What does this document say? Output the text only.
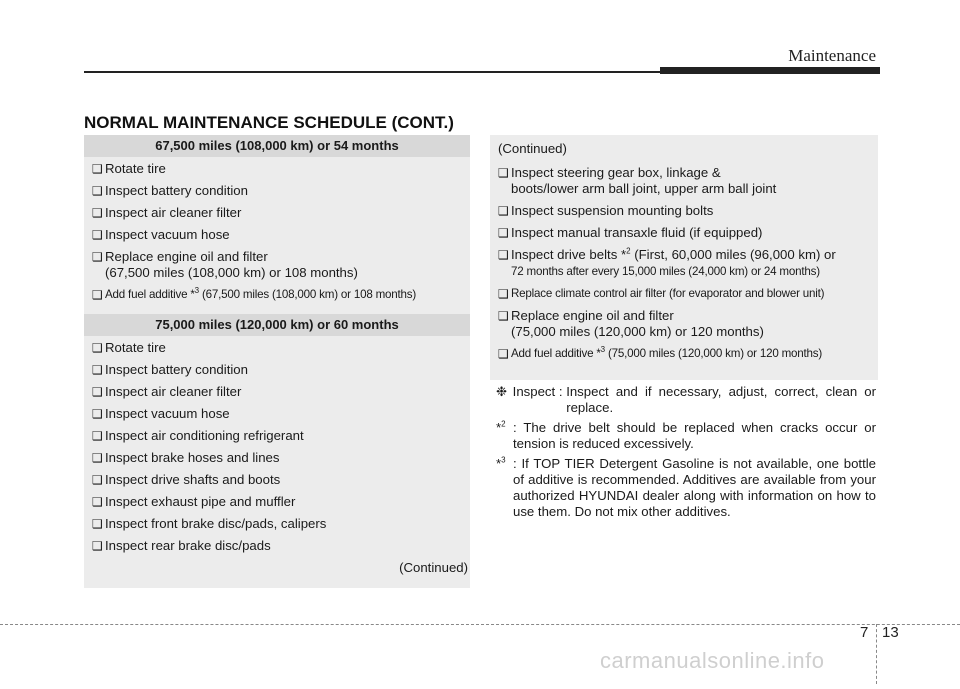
Maintenance
NORMAL MAINTENANCE SCHEDULE (CONT.)
67,500 miles (108,000 km) or 54 months
❑ Rotate tire
❑ Inspect battery condition
❑ Inspect air cleaner filter
❑ Inspect vacuum hose
❑ Replace engine oil and filter
(67,500 miles (108,000 km) or 108 months)
❑ Add fuel additive *$^3$ (67,500 miles (108,000 km) or 108 months)
75,000 miles (120,000 km) or 60 months
❑ Rotate tire
❑ Inspect battery condition
❑ Inspect air cleaner filter
❑ Inspect vacuum hose
❑ Inspect air conditioning refrigerant
❑ Inspect brake hoses and lines
❑ Inspect drive shafts and boots
❑ Inspect exhaust pipe and muffler
❑ Inspect front brake disc/pads, calipers
❑ Inspect rear brake disc/pads
(Continued)
(Continued)
❑ Inspect steering gear box, linkage &
boots/lower arm ball joint, upper arm ball joint
❑ Inspect suspension mounting bolts
❑ Inspect manual transaxle fluid (if equipped)
❑ Inspect drive belts *$^2$ (First, 60,000 miles (96,000 km) or
72 months after every 15,000 miles (24,000 km) or 24 months)
❑ Replace climate control air filter (for evaporator and blower unit)
❑ Replace engine oil and filter
(75,000 miles (120,000 km) or 120 months)
❑ Add fuel additive *$^3$ (75,000 miles (120,000 km) or 120 months)
❉ Inspect : Inspect and if necessary, adjust, correct, clean or replace.
*$^2$ : The drive belt should be replaced when cracks occur or tension is reduced excessively.
*$^3$ : If TOP TIER Detergent Gasoline is not available, one bottle of additive is recommended. Additives are available from your authorized HYUNDAI dealer along with information on how to use them. Do not mix other additives.
7 13
carmanualsonline.info
